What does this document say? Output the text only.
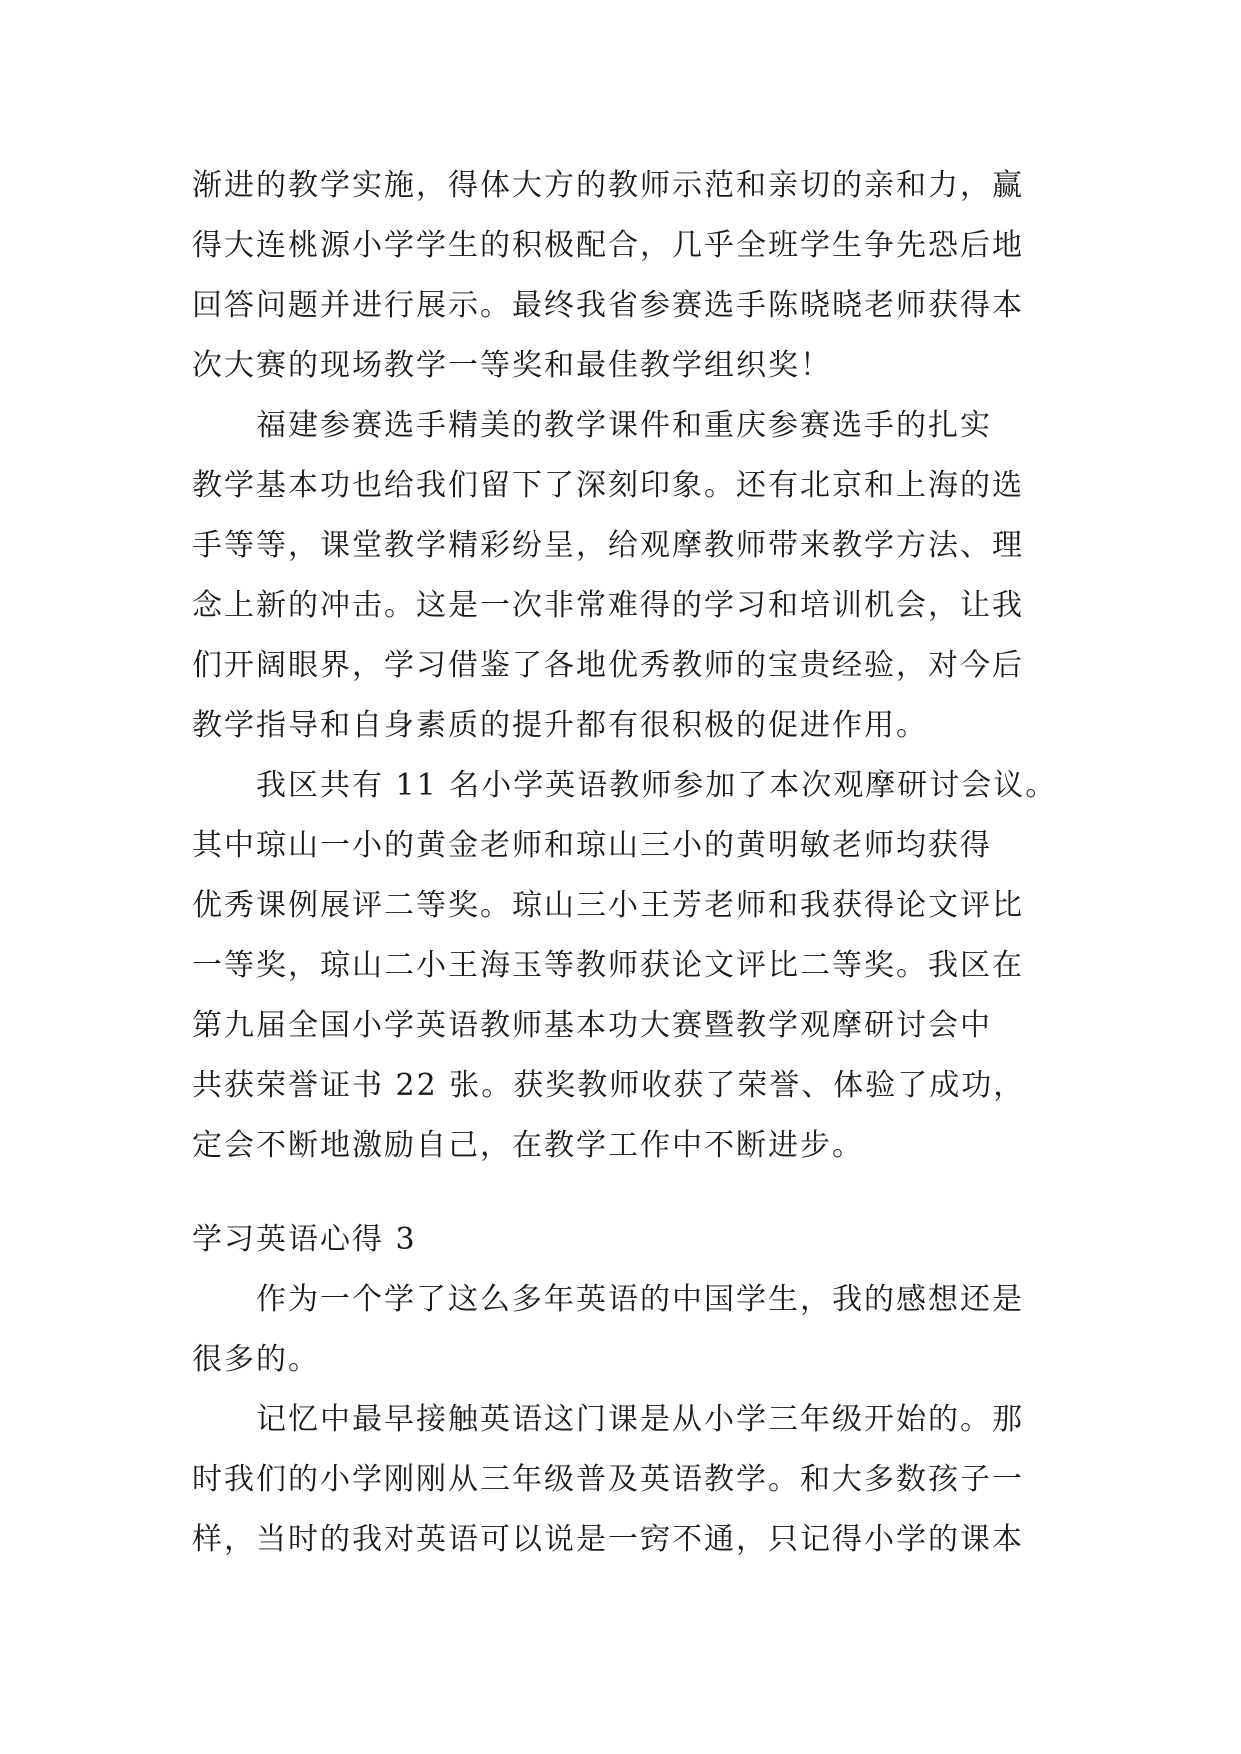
渐进的教学实施，得体大方的教师示范和亲切的亲和力，赢
得大连桃源小学学生的积极配合，几乎全班学生争先恐后地
回答问题并进行展示。最终我省参赛选手陈晓晓老师获得本
次大赛的现场教学一等奖和最佳教学组织奖！
福建参赛选手精美的教学课件和重庆参赛选手的扎实
教学基本功也给我们留下了深刻印象。还有北京和上海的选
手等等，课堂教学精彩纷呈，给观摩教师带来教学方法、理
念上新的冲击。这是一次非常难得的学习和培训机会，让我
们开阔眼界，学习借鉴了各地优秀教师的宝贵经验，对今后
教学指导和自身素质的提升都有很积极的促进作用。
我区共有 11 名小学英语教师参加了本次观摩研讨会议。
其中琼山一小的黄金老师和琼山三小的黄明敏老师均获得
优秀课例展评二等奖。琼山三小王芳老师和我获得论文评比
一等奖，琼山二小王海玉等教师获论文评比二等奖。我区在
第九届全国小学英语教师基本功大赛暨教学观摩研讨会中
共获荣誉证书 22 张。获奖教师收获了荣誉、体验了成功，
定会不断地激励自己，在教学工作中不断进步。
学习英语心得 3
作为一个学了这么多年英语的中国学生，我的感想还是
很多的。
记忆中最早接触英语这门课是从小学三年级开始的。那
时我们的小学刚刚从三年级普及英语教学。和大多数孩子一
样，当时的我对英语可以说是一窍不通，只记得小学的课本
